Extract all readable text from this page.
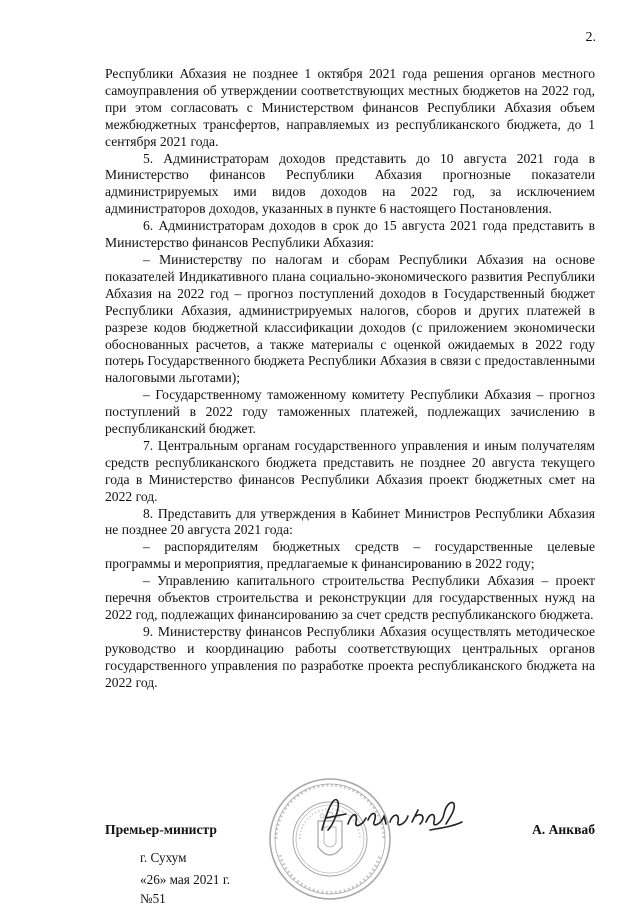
2.

Республики Абхазия не позднее 1 октября 2021 года решения органов местного самоуправления об утверждении соответствующих местных бюджетов на 2022 год, при этом согласовать с Министерством финансов Республики Абхазия объем межбюджетных трансфертов, направляемых из республиканского бюджета, до 1 сентября 2021 года.

5. Администраторам доходов представить до 10 августа 2021 года в Министерство финансов Республики Абхазия прогнозные показатели администрируемых ими видов доходов на 2022 год, за исключением администраторов доходов, указанных в пункте 6 настоящего Постановления.

6. Администраторам доходов в срок до 15 августа 2021 года представить в Министерство финансов Республики Абхазия:

– Министерству по налогам и сборам Республики Абхазия на основе показателей Индикативного плана социально-экономического развития Республики Абхазия на 2022 год – прогноз поступлений доходов в Государственный бюджет Республики Абхазия, администрируемых налогов, сборов и других платежей в разрезе кодов бюджетной классификации доходов (с приложением экономически обоснованных расчетов, а также материалы с оценкой ожидаемых в 2022 году потерь Государственного бюджета Республики Абхазия в связи с предоставленными налоговыми льготами);

– Государственному таможенному комитету Республики Абхазия – прогноз поступлений в 2022 году таможенных платежей, подлежащих зачислению в республиканский бюджет.

7. Центральным органам государственного управления и иным получателям средств республиканского бюджета представить не позднее 20 августа текущего года в Министерство финансов Республики Абхазия проект бюджетных смет на 2022 год.

8. Представить для утверждения в Кабинет Министров Республики Абхазия не позднее 20 августа 2021 года:

– распорядителям бюджетных средств – государственные целевые программы и мероприятия, предлагаемые к финансированию в 2022 году;

– Управлению капитального строительства Республики Абхазия – проект перечня объектов строительства и реконструкции для государственных нужд на 2022 год, подлежащих финансированию за счет средств республиканского бюджета.

9. Министерству финансов Республики Абхазия осуществлять методическое руководство и координацию работы соответствующих центральных органов государственного управления по разработке проекта республиканского бюджета на 2022 год.

Премьер-министр	А. Анкваб
г. Сухум
«26» мая 2021 г.
№51
